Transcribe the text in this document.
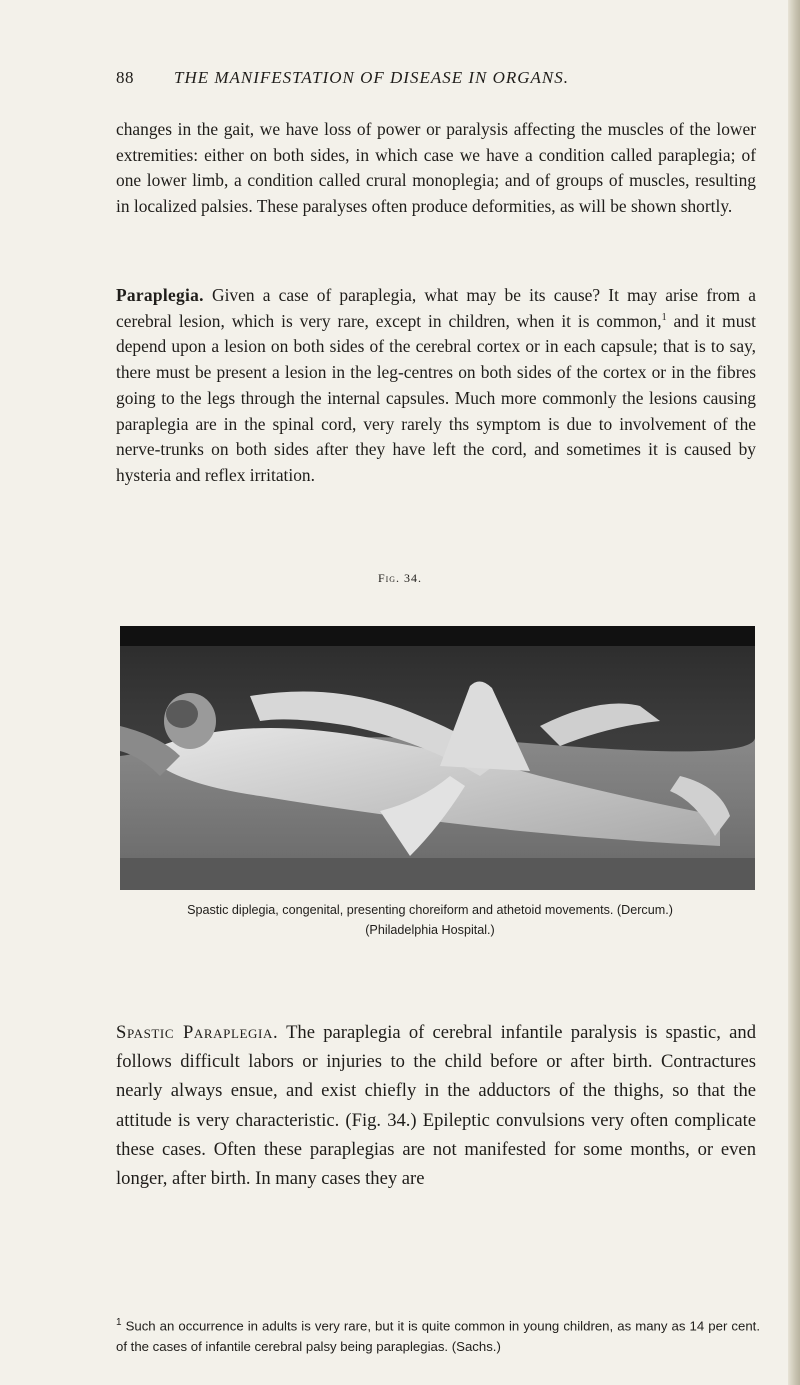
88 THE MANIFESTATION OF DISEASE IN ORGANS.

changes in the gait, we have loss of power or paralysis affecting the muscles of the lower extremities: either on both sides, in which case we have a condition called paraplegia; of one lower limb, a condition called crural monoplegia; and of groups of muscles, resulting in localized palsies. These paralyses often produce deformities, as will be shown shortly.

Paraplegia. Given a case of paraplegia, what may be its cause? It may arise from a cerebral lesion, which is very rare, except in children, when it is common,$^1$ and it must depend upon a lesion on both sides of the cerebral cortex or in each capsule; that is to say, there must be present a lesion in the leg-centres on both sides of the cortex or in the fibres going to the legs through the internal capsules. Much more commonly the lesions causing paraplegia are in the spinal cord, very rarely ths symptom is due to involvement of the nerve-trunks on both sides after they have left the cord, and sometimes it is caused by hysteria and reflex irritation.

Fig. 34.
Spastic diplegia, congenital, presenting choreiform and athetoid movements. (Dercum.)
(Philadelphia Hospital.)

Spastic Paraplegia. The paraplegia of cerebral infantile paralysis is spastic, and follows difficult labors or injuries to the child before or after birth. Contractures nearly always ensue, and exist chiefly in the adductors of the thighs, so that the attitude is very characteristic. (Fig. 34.) Epileptic convulsions very often complicate these cases. Often these paraplegias are not manifested for some months, or even longer, after birth. In many cases they are

$^1$ Such an occurrence in adults is very rare, but it is quite common in young children, as many as 14 per cent. of the cases of infantile cerebral palsy being paraplegias. (Sachs.)
